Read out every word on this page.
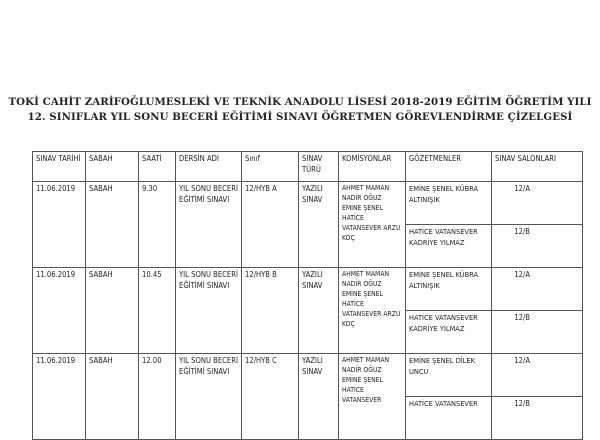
TOKİ CAHİT ZARİFOĞLUMESLEKİ VE TEKNİK ANADOLU LİSESİ 2018-2019 EĞİTİM ÖĞRETİM YILI
12. SINIFLAR YIL SONU BECERİ EĞİTİMİ SINAVI ÖĞRETMEN GÖREVLENDİRME ÇİZELGESİ
SINAV TARİHİ	SABAH	SAATİ	DERSİN ADI	Sınıf	SINAV TÜRÜ	KOMİSYONLAR	GÖZETMENLER	SINAV SALONLARI
11.06.2019	SABAH	9.30	YIL SONU BECERİ EĞİTİMİ SINAVI	12/HYB A	YAZILI SINAV	AHMET MAMAN NADİR OĞUZ EMİNE ŞENEL HATİCE VATANSEVER ARZU KOÇ	EMİNE ŞENEL KÜBRA ALTINIŞIK	12/A
							HATİCE VATANSEVER KADRİYE YILMAZ	12/B
11.06.2019	SABAH	10.45	YIL SONU BECERİ EĞİTİMİ SINAVI	12/HYB B	YAZILI SINAV	AHMET MAMAN NADİR OĞUZ EMİNE ŞENEL HATİCE VATANSEVER ARZU KOÇ	EMİNE ŞENEL KÜBRA ALTINIŞIK	12/A
							HATİCE VATANSEVER KADRİYE YILMAZ	12/B
11.06.2019	SABAH	12.00	YIL SONU BECERİ EĞİTİMİ SINAVI	12/HYB C	YAZILI SINAV	AHMET MAMAN NADİR OĞUZ EMİNE ŞENEL HATİCE VATANSEVER	EMİNE ŞENEL DİLEK UNCU	12/A
							HATİCE VATANSEVER	12/B
